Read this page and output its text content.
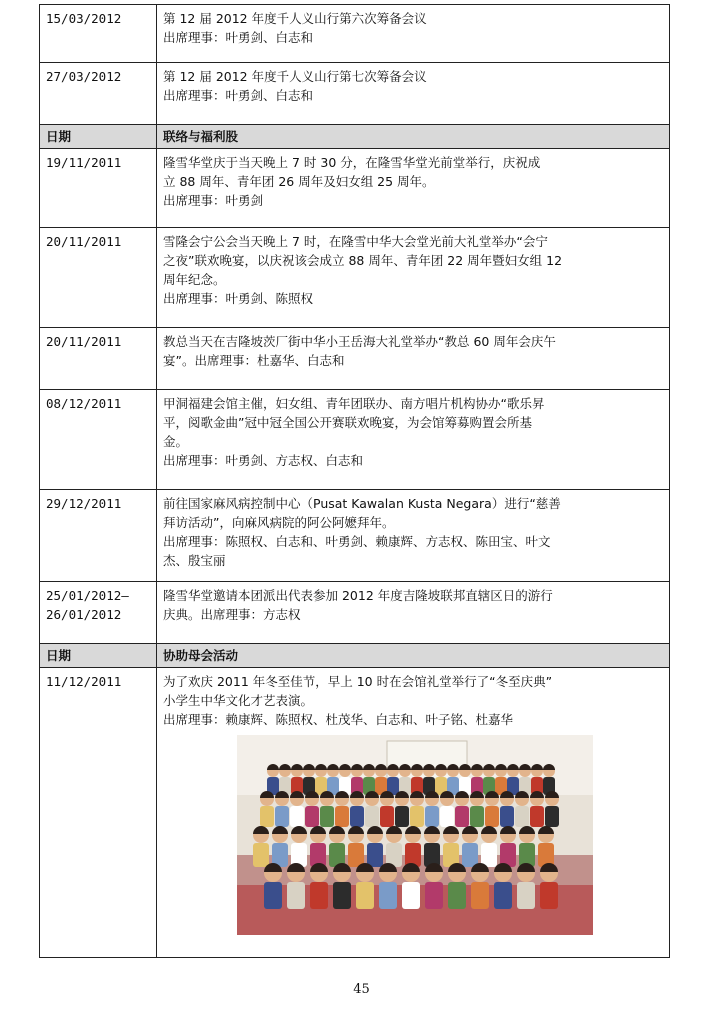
15/03/2012	第 12 届 2012 年度千人义山行第六次筹备会议
出席理事：叶勇剑、白志和

27/03/2012	第 12 届 2012 年度千人义山行第七次筹备会议
出席理事：叶勇剑、白志和

日期	联络与福利股
19/11/2011	隆雪华堂庆于当天晚上 7 时 30 分，在隆雪华堂光前堂举行，庆祝成
立 88 周年、青年团 26 周年及妇女组 25 周年。
出席理事：叶勇剑

20/11/2011	雪隆会宁公会当天晚上 7 时，在隆雪中华大会堂光前大礼堂举办“会宁
之夜”联欢晚宴，以庆祝该会成立 88 周年、青年团 22 周年暨妇女组 12
周年纪念。
出席理事：叶勇剑、陈照权

20/11/2011	教总当天在吉隆坡茨厂街中华小王岳海大礼堂举办“教总 60 周年会庆午
宴”。出席理事：杜嘉华、白志和

08/12/2011	甲洞福建会馆主催，妇女组、青年团联办、南方唱片机构协办“歌乐昇
平，阅歌金曲”冠中冠全国公开赛联欢晚宴，为会馆筹募购置会所基
金。
出席理事：叶勇剑、方志权、白志和

29/12/2011	前往国家麻风病控制中心（Pusat Kawalan Kusta Negara）进行“慈善
拜访活动”，向麻风病院的阿公阿嬷拜年。
出席理事：陈照权、白志和、叶勇剑、赖康辉、方志权、陈田宝、叶文
杰、殷宝丽

25/01/2012–
26/01/2012	隆雪华堂邀请本团派出代表参加 2012 年度吉隆坡联邦直辖区日的游行
庆典。出席理事：方志权

日期	协助母会活动
11/12/2011	为了欢庆 2011 年冬至佳节，早上 10 时在会馆礼堂举行了“冬至庆典”
小学生中华文化才艺表演。
出席理事：赖康辉、陈照权、杜茂华、白志和、叶子铭、杜嘉华
45
